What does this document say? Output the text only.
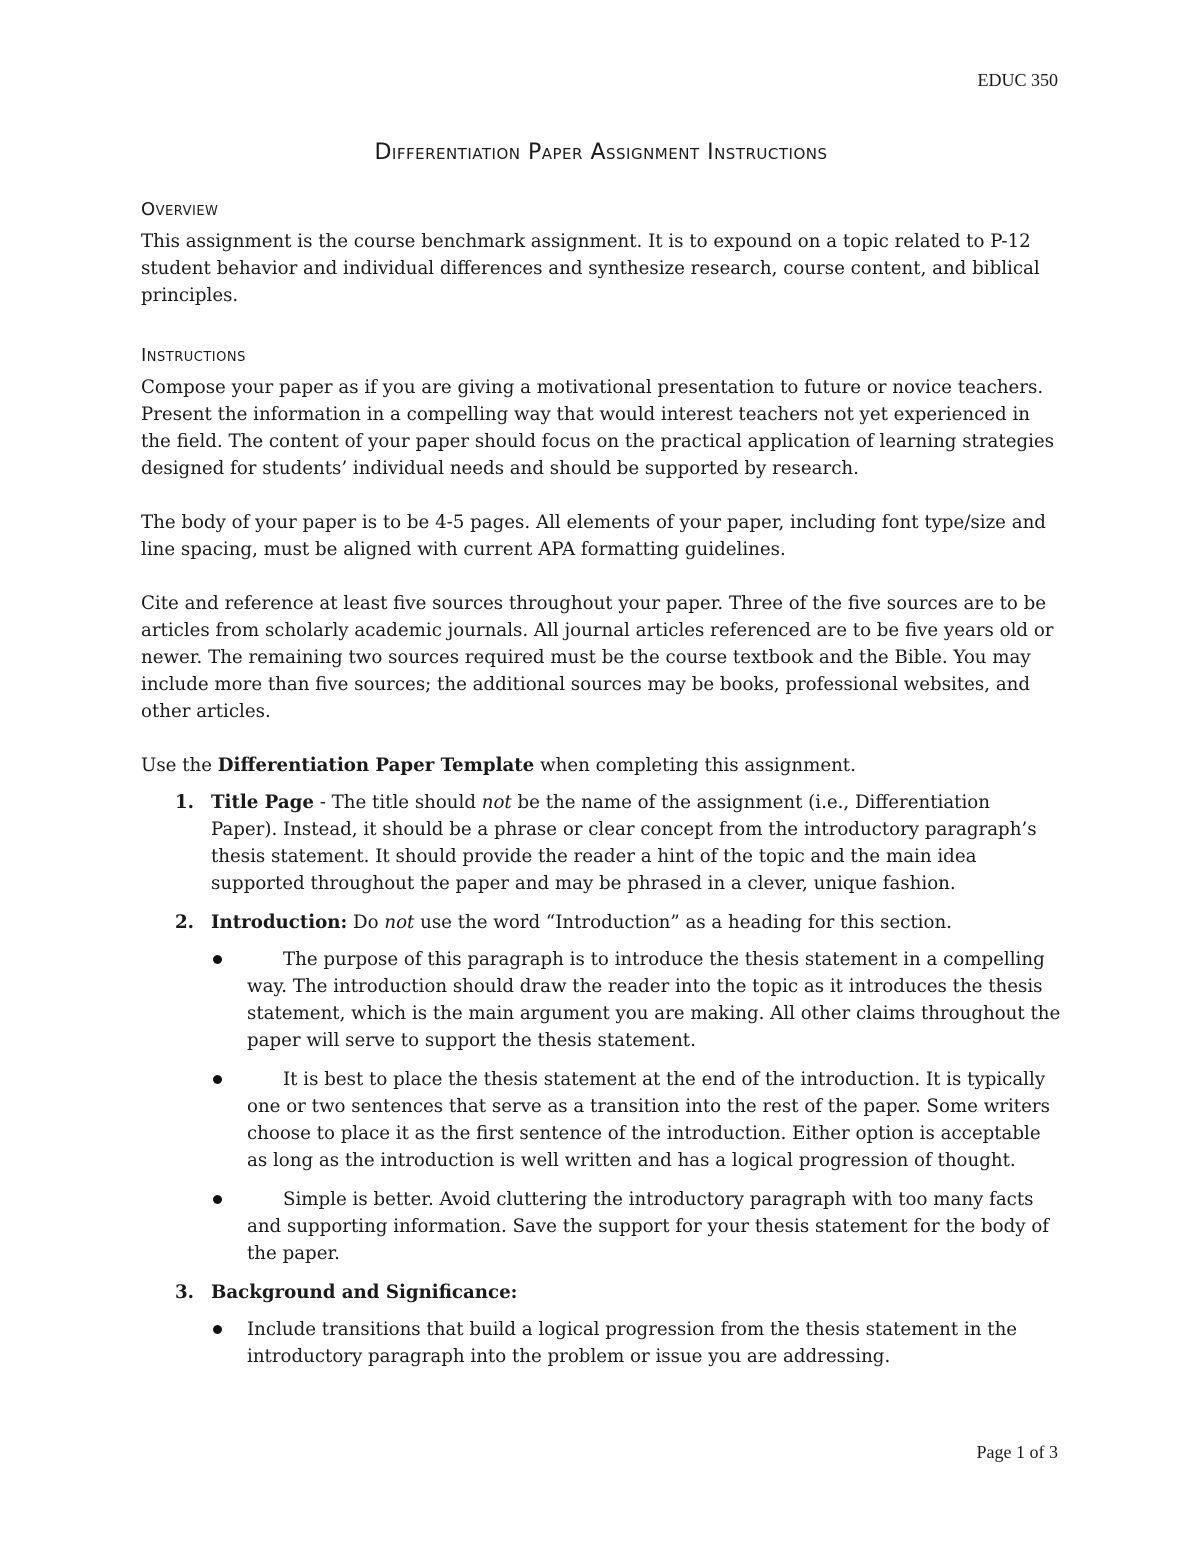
EDUC 350
Differentiation Paper Assignment Instructions
Overview

This assignment is the course benchmark assignment. It is to expound on a topic related to P-12 student behavior and individual differences and synthesize research, course content, and biblical principles.

Instructions

Compose your paper as if you are giving a motivational presentation to future or novice teachers. Present the information in a compelling way that would interest teachers not yet experienced in the field. The content of your paper should focus on the practical application of learning strategies designed for students’ individual needs and should be supported by research.

The body of your paper is to be 4-5 pages. All elements of your paper, including font type/size and line spacing, must be aligned with current APA formatting guidelines.

Cite and reference at least five sources throughout your paper. Three of the five sources are to be articles from scholarly academic journals. All journal articles referenced are to be five years old or newer. The remaining two sources required must be the course textbook and the Bible. You may include more than five sources; the additional sources may be books, professional websites, and other articles.

Use the Differentiation Paper Template when completing this assignment.

1. Title Page - The title should not be the name of the assignment (i.e., Differentiation Paper). Instead, it should be a phrase or clear concept from the introductory paragraph’s thesis statement. It should provide the reader a hint of the topic and the main idea supported throughout the paper and may be phrased in a clever, unique fashion.

2. Introduction: Do not use the word “Introduction” as a heading for this section.

The purpose of this paragraph is to introduce the thesis statement in a compelling way. The introduction should draw the reader into the topic as it introduces the thesis statement, which is the main argument you are making. All other claims throughout the paper will serve to support the thesis statement.

It is best to place the thesis statement at the end of the introduction. It is typically one or two sentences that serve as a transition into the rest of the paper. Some writers choose to place it as the first sentence of the introduction. Either option is acceptable as long as the introduction is well written and has a logical progression of thought.

Simple is better. Avoid cluttering the introductory paragraph with too many facts and supporting information. Save the support for your thesis statement for the body of the paper.

3. Background and Significance:

Include transitions that build a logical progression from the thesis statement in the introductory paragraph into the problem or issue you are addressing.

Page 1 of 3
